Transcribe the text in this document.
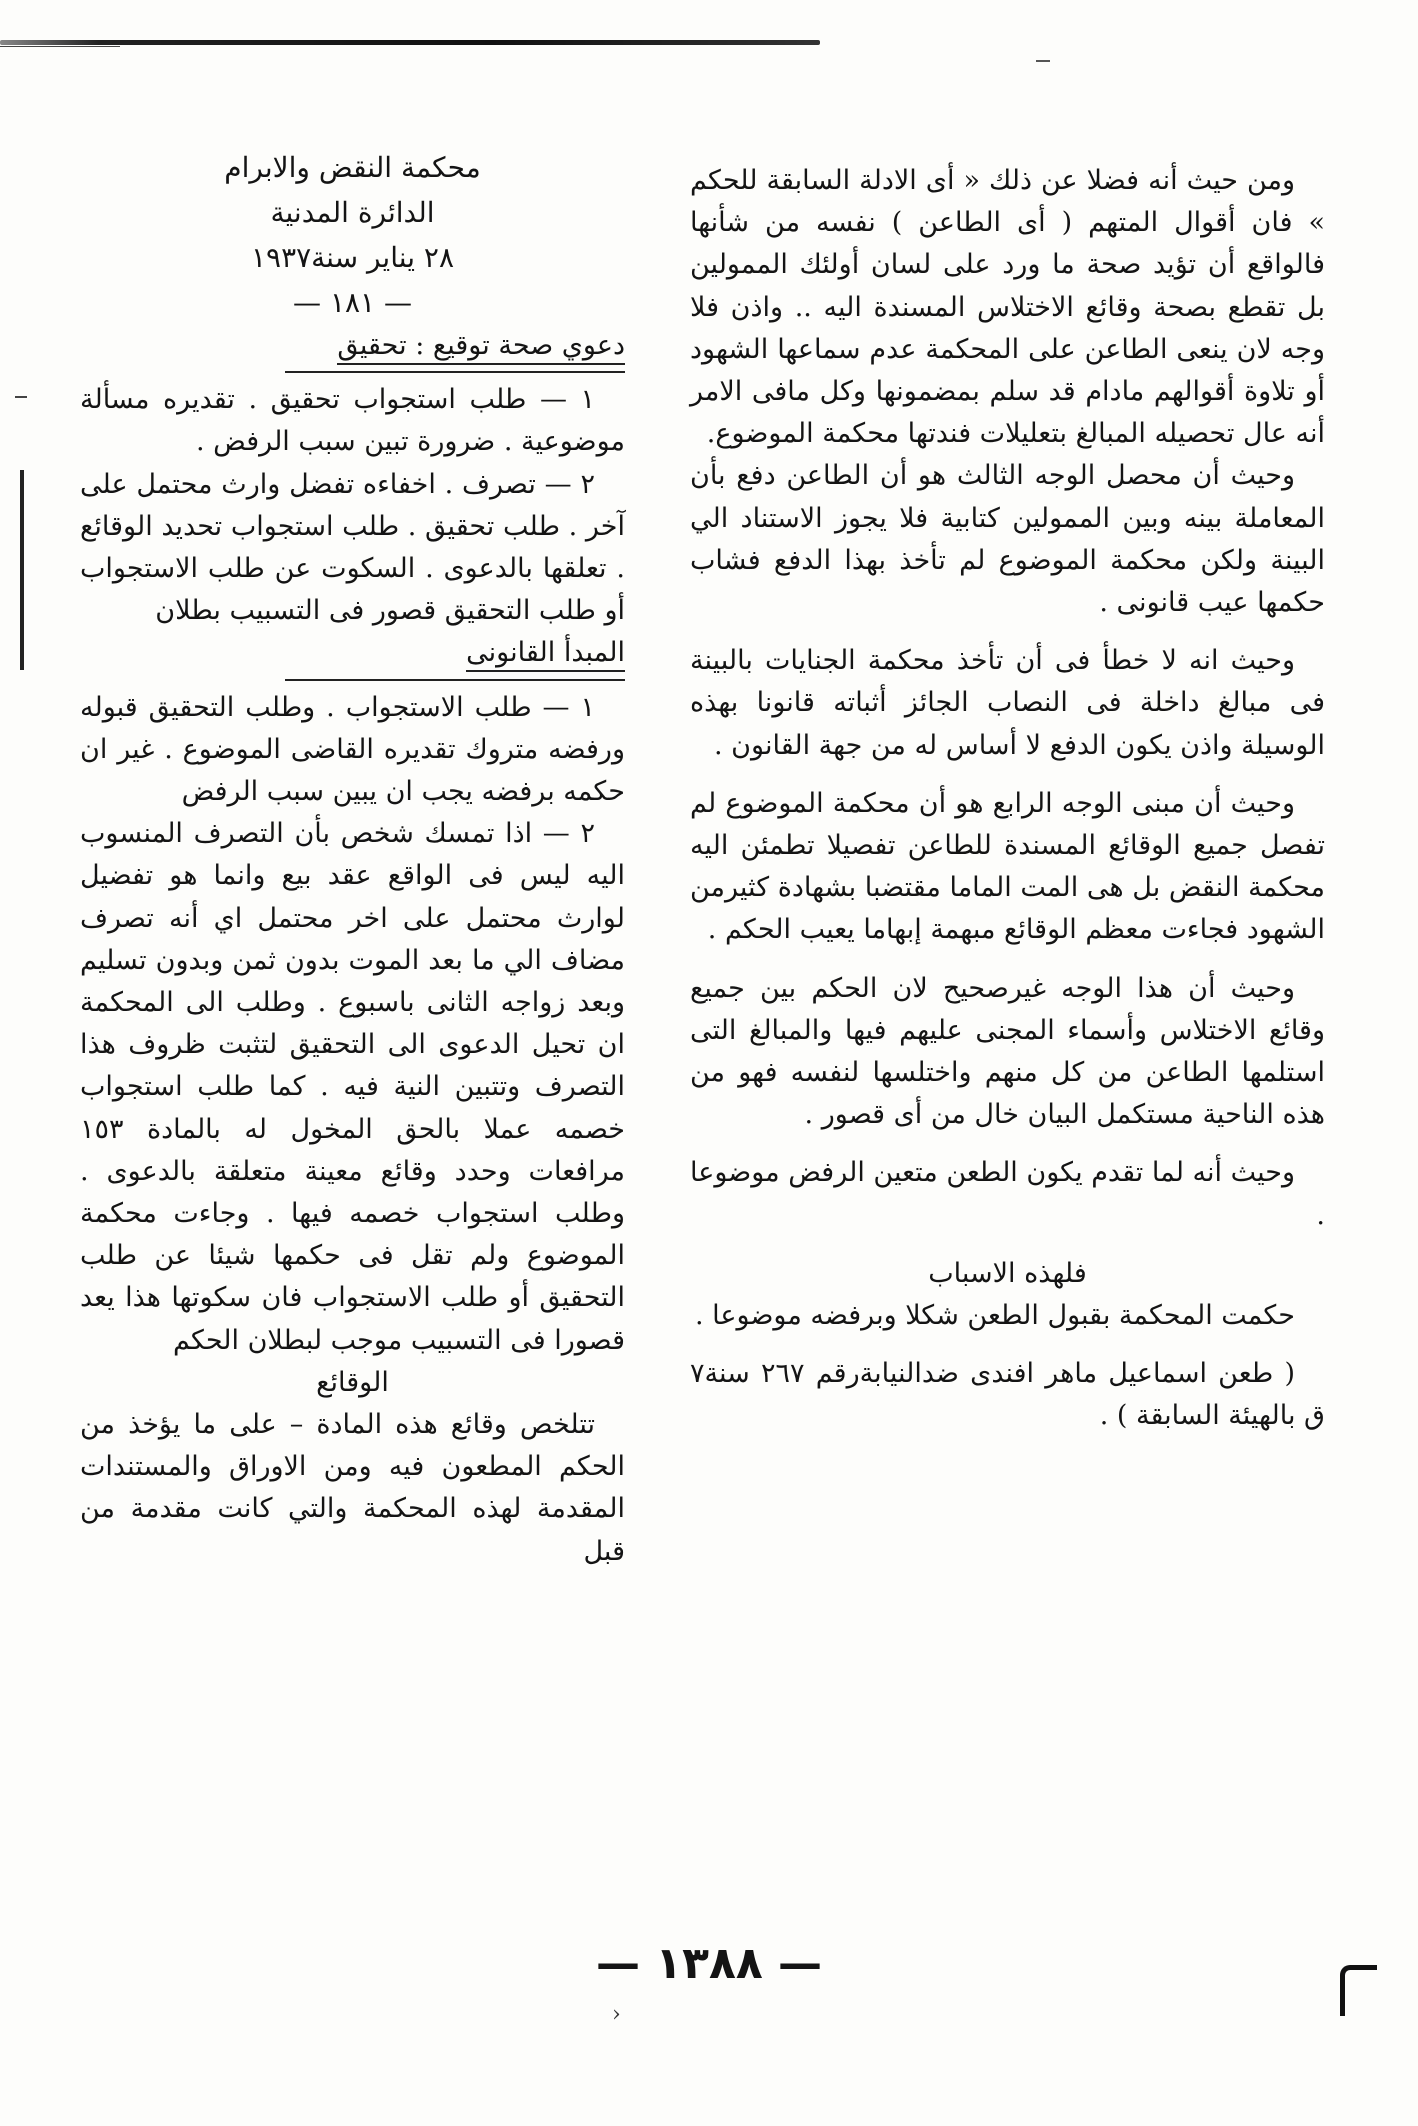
ومن حيث أنه فضلا عن ذلك « أى الادلة السابقة للحكم » فان أقوال المتهم ( أى الطاعن ) نفسه من شأنها فالواقع أن تؤيد صحة ما ورد على لسان أولئك الممولين بل تقطع بصحة وقائع الاختلاس المسندة اليه .. واذن فلا وجه لان ينعى الطاعن على المحكمة عدم سماعها الشهود أو تلاوة أقوالهم مادام قد سلم بمضمونها وكل مافى الامر أنه عال تحصيله المبالغ بتعليلات فندتها محكمة الموضوع.

وحيث أن محصل الوجه الثالث هو أن الطاعن دفع بأن المعاملة بينه وبين الممولين كتابية فلا يجوز الاستناد الي البينة ولكن محكمة الموضوع لم تأخذ بهذا الدفع فشاب حكمها عيب قانونى .

وحيث انه لا خطأ فى أن تأخذ محكمة الجنايات بالبينة فى مبالغ داخلة فى النصاب الجائز أثباته قانونا بهذه الوسيلة واذن يكون الدفع لا أساس له من جهة القانون .

وحيث أن مبنى الوجه الرابع هو أن محكمة الموضوع لم تفصل جميع الوقائع المسندة للطاعن تفصيلا تطمئن اليه محكمة النقض بل هى المت الماما مقتضبا بشهادة كثيرمن الشهود فجاءت معظم الوقائع مبهمة إبهاما يعيب الحكم .

وحيث أن هذا الوجه غيرصحيح لان الحكم بين جميع وقائع الاختلاس وأسماء المجنى عليهم فيها والمبالغ التى استلمها الطاعن من كل منهم واختلسها لنفسه فهو من هذه الناحية مستكمل البيان خال من أى قصور .

وحيث أنه لما تقدم يكون الطعن متعين الرفض موضوعا .

فلهذه الاسباب

حكمت المحكمة بقبول الطعن شكلا وبرفضه موضوعا .

( طعن اسماعيل ماهر افندى ضدالنيابةرقم ٢٦٧ سنة٧ ق بالهيئة السابقة ) .

محكمة النقض والابرام
الدائرة المدنية
٢٨ يناير سنة١٩٣٧
— ١٨١ —

دعوي صحة توقيع : تحقيق

١ — طلب استجواب تحقيق . تقديره مسألة موضوعية . ضرورة تبين سبب الرفض .

٢ — تصرف . اخفاءه تفضل وارث محتمل على آخر . طلب تحقيق . طلب استجواب تحديد الوقائع . تعلقها بالدعوى . السكوت عن طلب الاستجواب أو طلب التحقيق قصور فى التسبيب بطلان

المبدأ القانونى

١ — طلب الاستجواب . وطلب التحقيق قبوله ورفضه متروك تقديره القاضى الموضوع . غير ان حكمه برفضه يجب ان يبين سبب الرفض

٢ — اذا تمسك شخص بأن التصرف المنسوب اليه ليس فى الواقع عقد بيع وانما هو تفضيل لوارث محتمل على اخر محتمل اي أنه تصرف مضاف الي ما بعد الموت بدون ثمن وبدون تسليم وبعد زواجه الثانى باسبوع . وطلب الى المحكمة ان تحيل الدعوى الى التحقيق لتثبت ظروف هذا التصرف وتتبين النية فيه . كما طلب استجواب خصمه عملا بالحق المخول له بالمادة ١٥٣ مرافعات وحدد وقائع معينة متعلقة بالدعوى . وطلب استجواب خصمه فيها . وجاءت محكمة الموضوع ولم تقل فى حكمها شيئا عن طلب التحقيق أو طلب الاستجواب فان سكوتها هذا يعد قصورا فى التسبيب موجب لبطلان الحكم

الوقائع

تتلخص وقائع هذه المادة – على ما يؤخذ من الحكم المطعون فيه ومن الاوراق والمستندات المقدمة لهذه المحكمة والتي كانت مقدمة من قبل

— ١٣٨٨ —
›
